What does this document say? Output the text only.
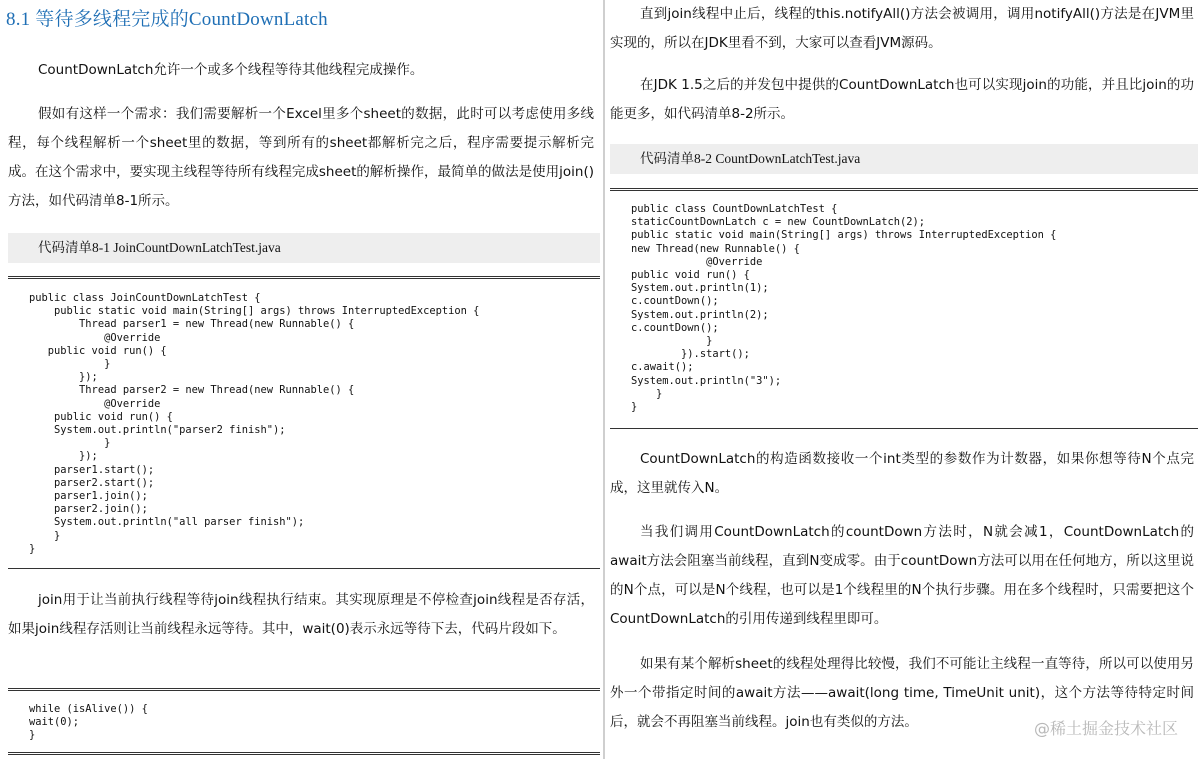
8.1 等待多线程完成的CountDownLatch

CountDownLatch允许一个或多个线程等待其他线程完成操作。

假如有这样一个需求：我们需要解析一个Excel里多个sheet的数据，此时可以考虑使用多线程，每个线程解析一个sheet里的数据，等到所有的sheet都解析完之后，程序需要提示解析完成。在这个需求中，要实现主线程等待所有线程完成sheet的解析操作，最简单的做法是使用join()方法，如代码清单8-1所示。

代码清单8-1 JoinCountDownLatchTest.java
public class JoinCountDownLatchTest {
public static void main(String[] args) throws InterruptedException {
Thread parser1 = new Thread(new Runnable() {
@Override
public void run() {
}
});
Thread parser2 = new Thread(new Runnable() {
@Override
public void run() {
System.out.println("parser2 finish");
}
});
parser1.start();
parser2.start();
parser1.join();
parser2.join();
System.out.println("all parser finish");
}
}

join用于让当前执行线程等待join线程执行结束。其实现原理是不停检查join线程是否存活，如果join线程存活则让当前线程永远等待。其中，wait(0)表示永远等待下去，代码片段如下。

while (isAlive()) {
wait(0);
}

直到join线程中止后，线程的this.notifyAll()方法会被调用，调用notifyAll()方法是在JVM里实现的，所以在JDK里看不到，大家可以查看JVM源码。

在JDK 1.5之后的并发包中提供的CountDownLatch也可以实现join的功能，并且比join的功能更多，如代码清单8-2所示。

代码清单8-2 CountDownLatchTest.java
public class CountDownLatchTest {
staticCountDownLatch c = new CountDownLatch(2);
public static void main(String[] args) throws InterruptedException {
new Thread(new Runnable() {
@Override
public void run() {
System.out.println(1);
c.countDown();
System.out.println(2);
c.countDown();
}
}).start();
c.await();
System.out.println("3");
}
}

CountDownLatch的构造函数接收一个int类型的参数作为计数器，如果你想等待N个点完成，这里就传入N。

当我们调用CountDownLatch的countDown方法时，N就会减1，CountDownLatch的await方法会阻塞当前线程，直到N变成零。由于countDown方法可以用在任何地方，所以这里说的N个点，可以是N个线程，也可以是1个线程里的N个执行步骤。用在多个线程时，只需要把这个CountDownLatch的引用传递到线程里即可。

如果有某个解析sheet的线程处理得比较慢，我们不可能让主线程一直等待，所以可以使用另外一个带指定时间的await方法——await(long time, TimeUnit unit)，这个方法等待特定时间后，就会不再阻塞当前线程。join也有类似的方法。	@稀土掘金技术社区
